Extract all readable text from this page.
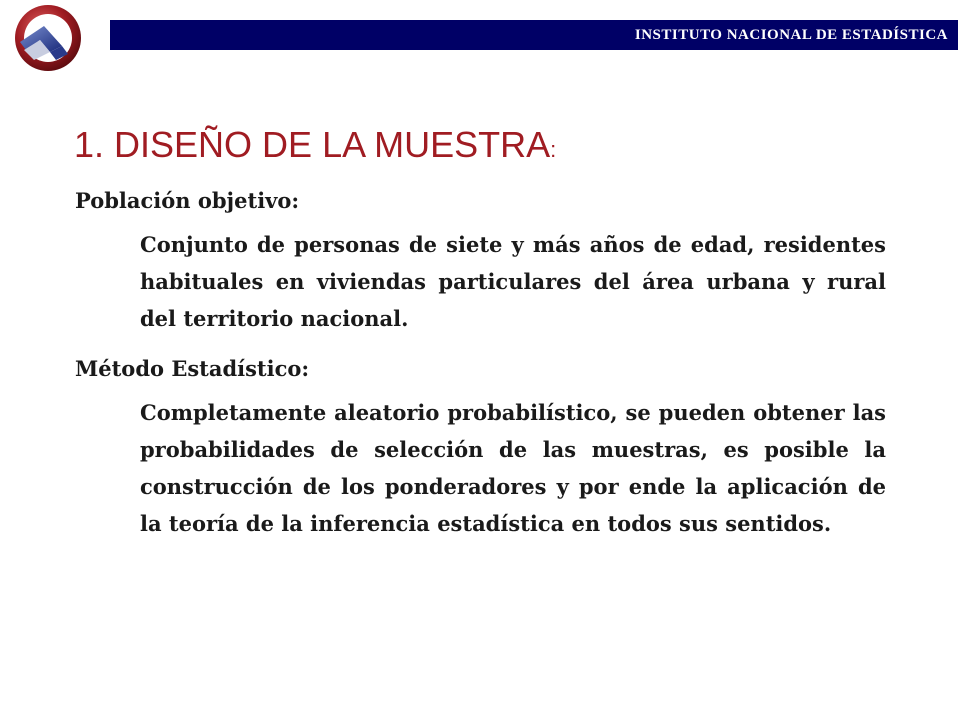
INSTITUTO NACIONAL DE ESTADÍSTICA
1. DISEÑO DE LA MUESTRA:

Población objetivo:

Conjunto de personas de siete y más años de edad, residentes habituales en viviendas particulares del área urbana y rural del territorio nacional.

Método Estadístico:

Completamente aleatorio probabilístico, se pueden obtener las probabilidades de selección de las muestras, es posible la construcción de los ponderadores y por ende la aplicación de la teoría de la inferencia estadística en todos sus sentidos.
